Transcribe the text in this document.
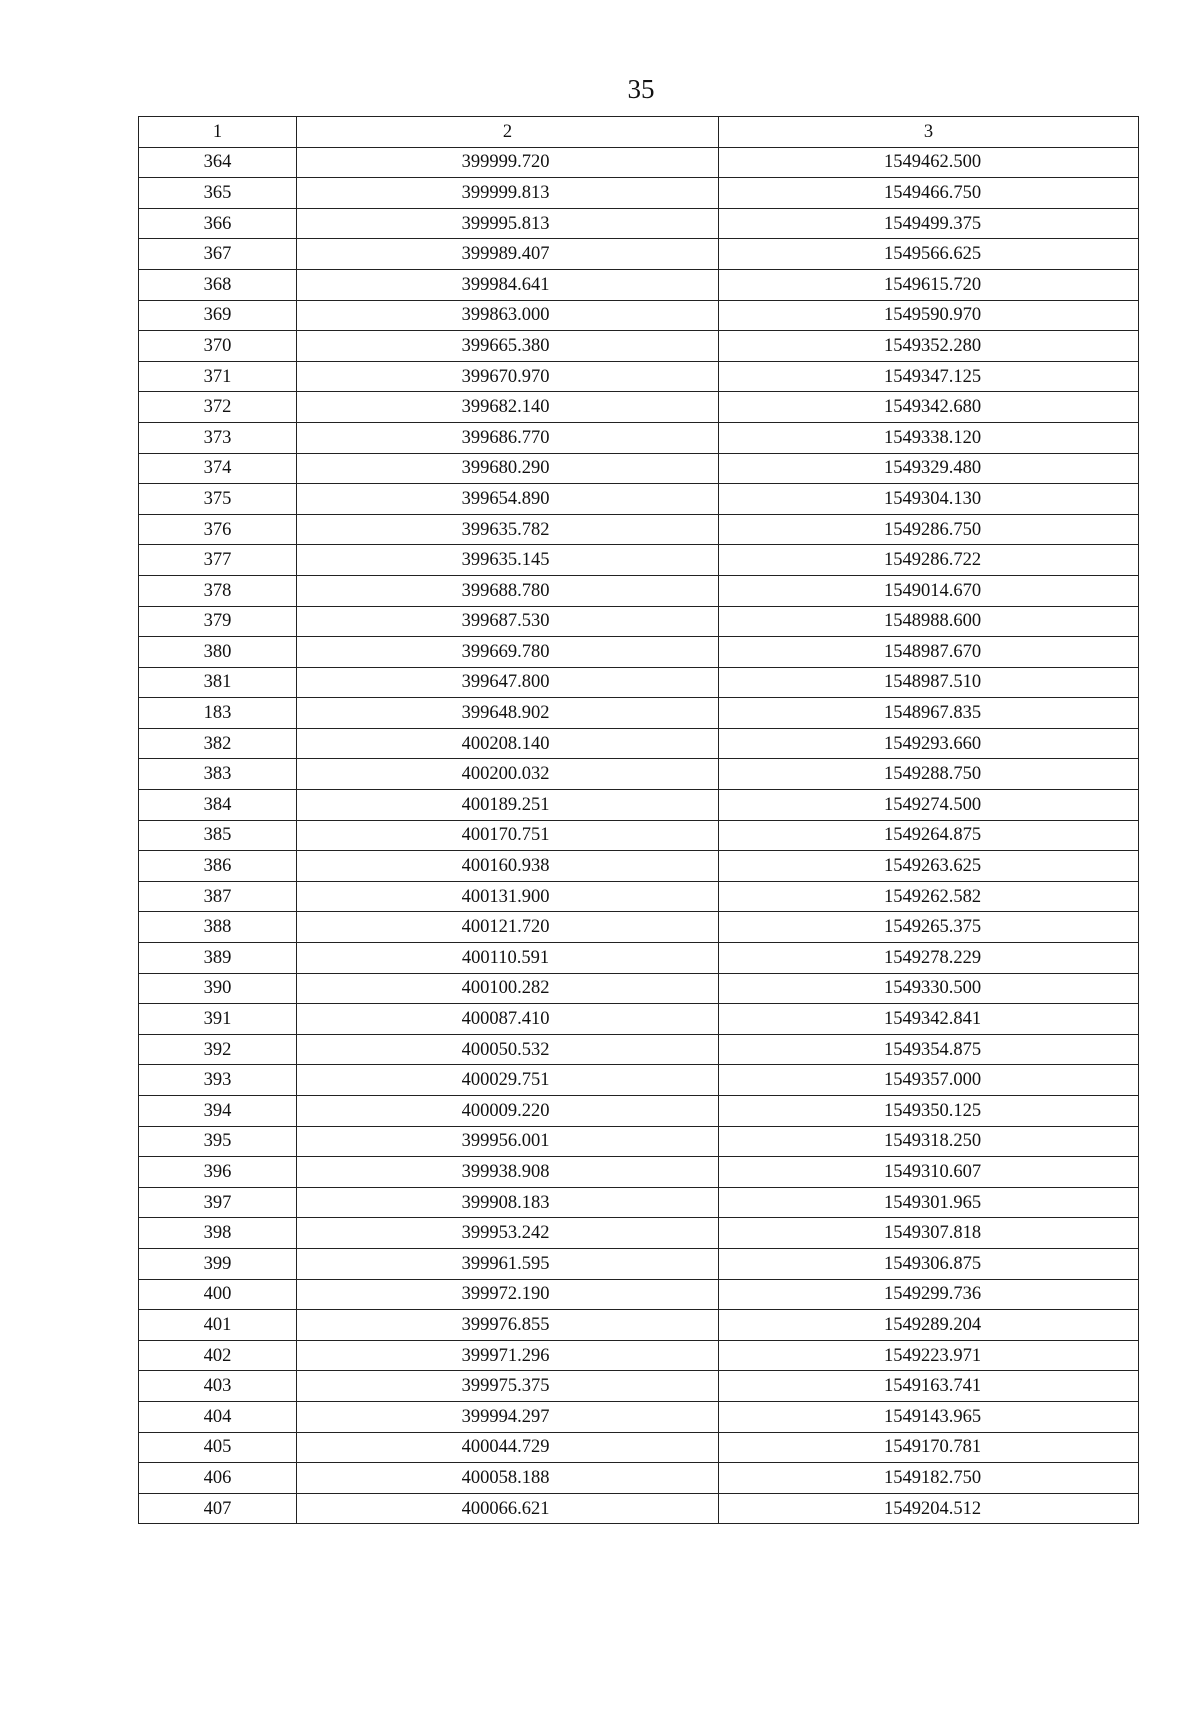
35
1	2	3
364	399999.720	1549462.500
365	399999.813	1549466.750
366	399995.813	1549499.375
367	399989.407	1549566.625
368	399984.641	1549615.720
369	399863.000	1549590.970
370	399665.380	1549352.280
371	399670.970	1549347.125
372	399682.140	1549342.680
373	399686.770	1549338.120
374	399680.290	1549329.480
375	399654.890	1549304.130
376	399635.782	1549286.750
377	399635.145	1549286.722
378	399688.780	1549014.670
379	399687.530	1548988.600
380	399669.780	1548987.670
381	399647.800	1548987.510
183	399648.902	1548967.835
382	400208.140	1549293.660
383	400200.032	1549288.750
384	400189.251	1549274.500
385	400170.751	1549264.875
386	400160.938	1549263.625
387	400131.900	1549262.582
388	400121.720	1549265.375
389	400110.591	1549278.229
390	400100.282	1549330.500
391	400087.410	1549342.841
392	400050.532	1549354.875
393	400029.751	1549357.000
394	400009.220	1549350.125
395	399956.001	1549318.250
396	399938.908	1549310.607
397	399908.183	1549301.965
398	399953.242	1549307.818
399	399961.595	1549306.875
400	399972.190	1549299.736
401	399976.855	1549289.204
402	399971.296	1549223.971
403	399975.375	1549163.741
404	399994.297	1549143.965
405	400044.729	1549170.781
406	400058.188	1549182.750
407	400066.621	1549204.512
